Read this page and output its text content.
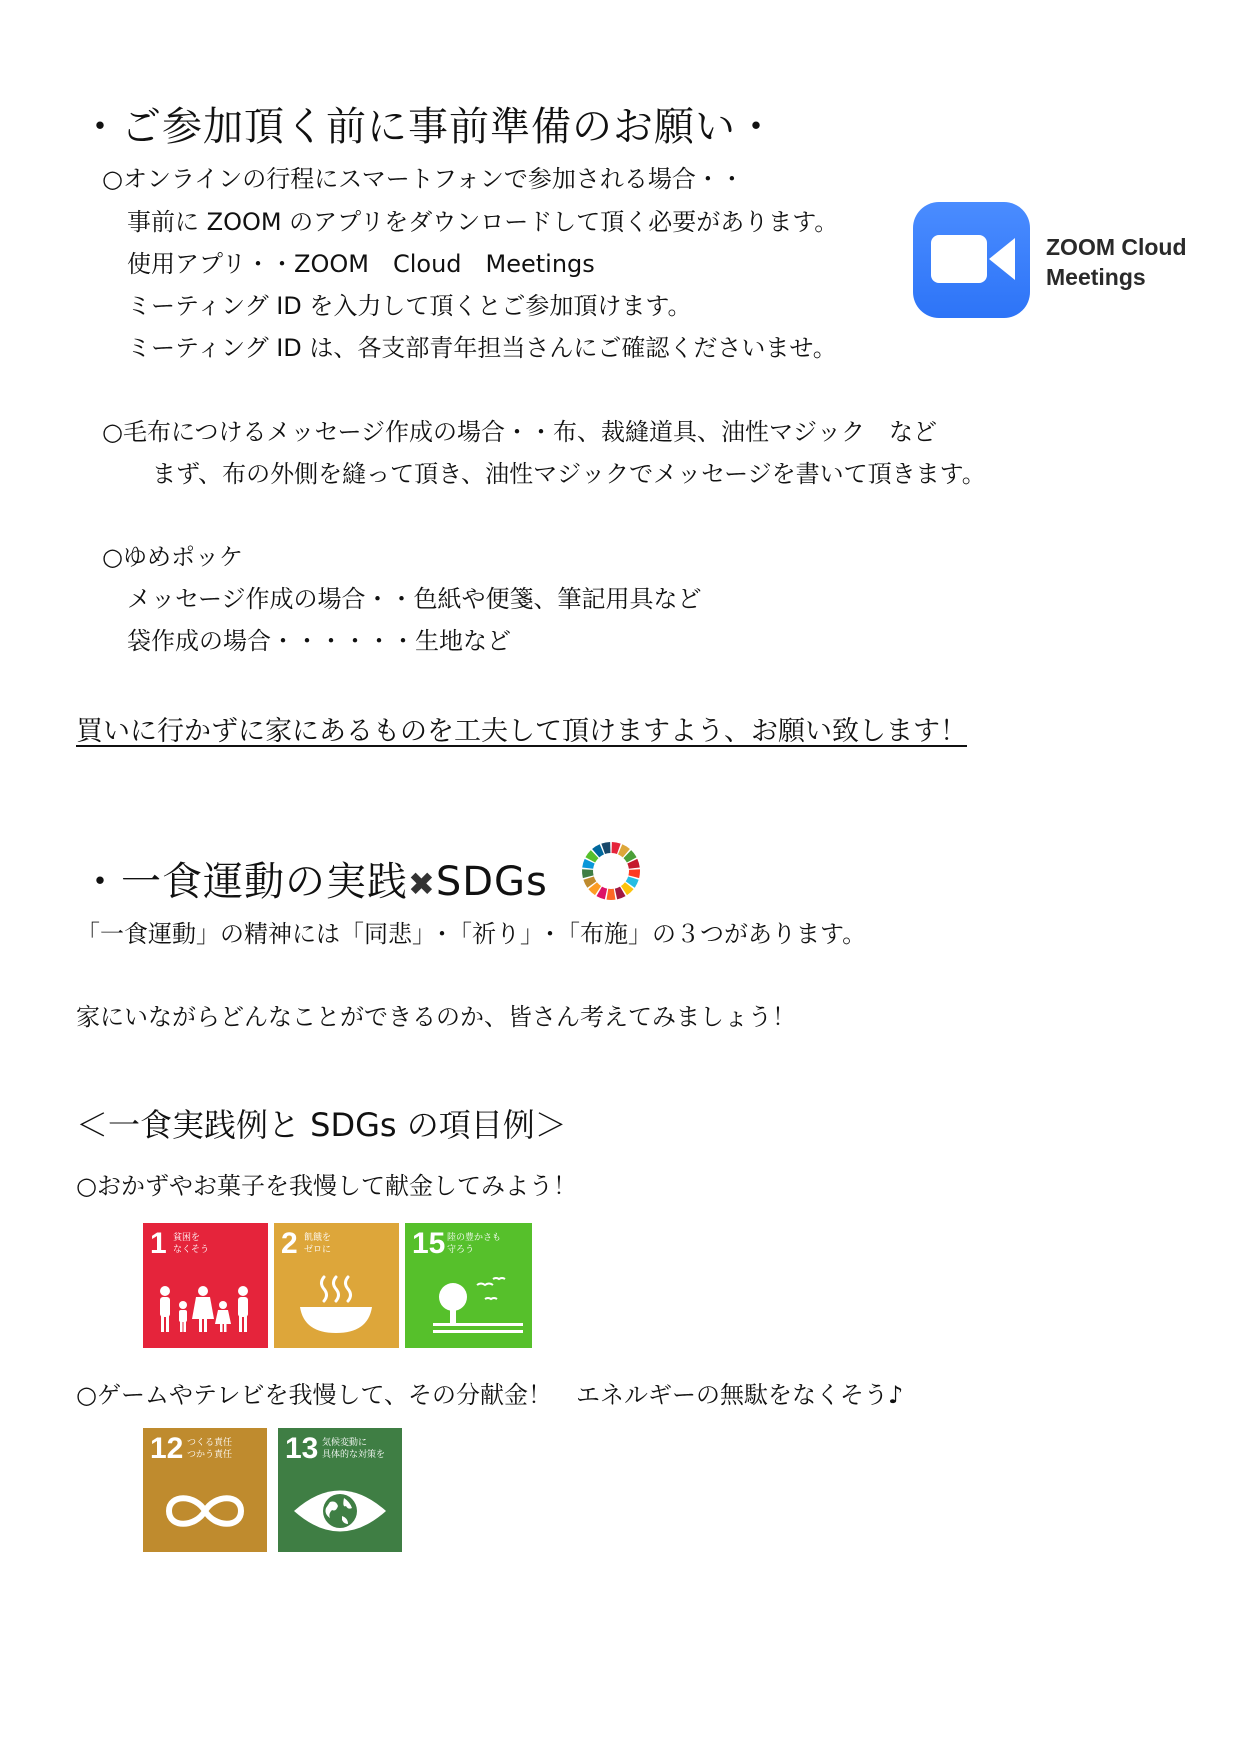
・ご参加頂く前に事前準備のお願い・
○オンラインの行程にスマートフォンで参加される場合・・
事前に ZOOM のアプリをダウンロードして頂く必要があります。
使用アプリ・・ZOOM　Cloud　Meetings
ミーティング ID を入力して頂くとご参加頂けます。
ミーティング ID は、各支部青年担当さんにご確認くださいませ。
ZOOM Cloud
Meetings
○毛布につけるメッセージ作成の場合・・布、裁縫道具、油性マジック　など
まず、布の外側を縫って頂き、油性マジックでメッセージを書いて頂きます。
○ゆめポッケ
メッセージ作成の場合・・色紙や便箋、筆記用具など
袋作成の場合・・・・・・生地など
買いに行かずに家にあるものを工夫して頂けますよう、お願い致します！
・一食運動の実践✖SDGs
「一食運動」の精神には「同悲」･「祈り」･「布施」の３つがあります。
家にいながらどんなことができるのか、皆さん考えてみましょう！
＜一食実践例と SDGs の項目例＞
○おかずやお菓子を我慢して献金してみよう！
1 貧困を
なくそう 2 飢餓を
ゼロに	15 陸の豊かさも
守ろう
○ゲームやテレビを我慢して、その分献金！　エネルギーの無駄をなくそう♪
12 つくる責任
つかう責任 13 気候変動に
具体的な対策を
